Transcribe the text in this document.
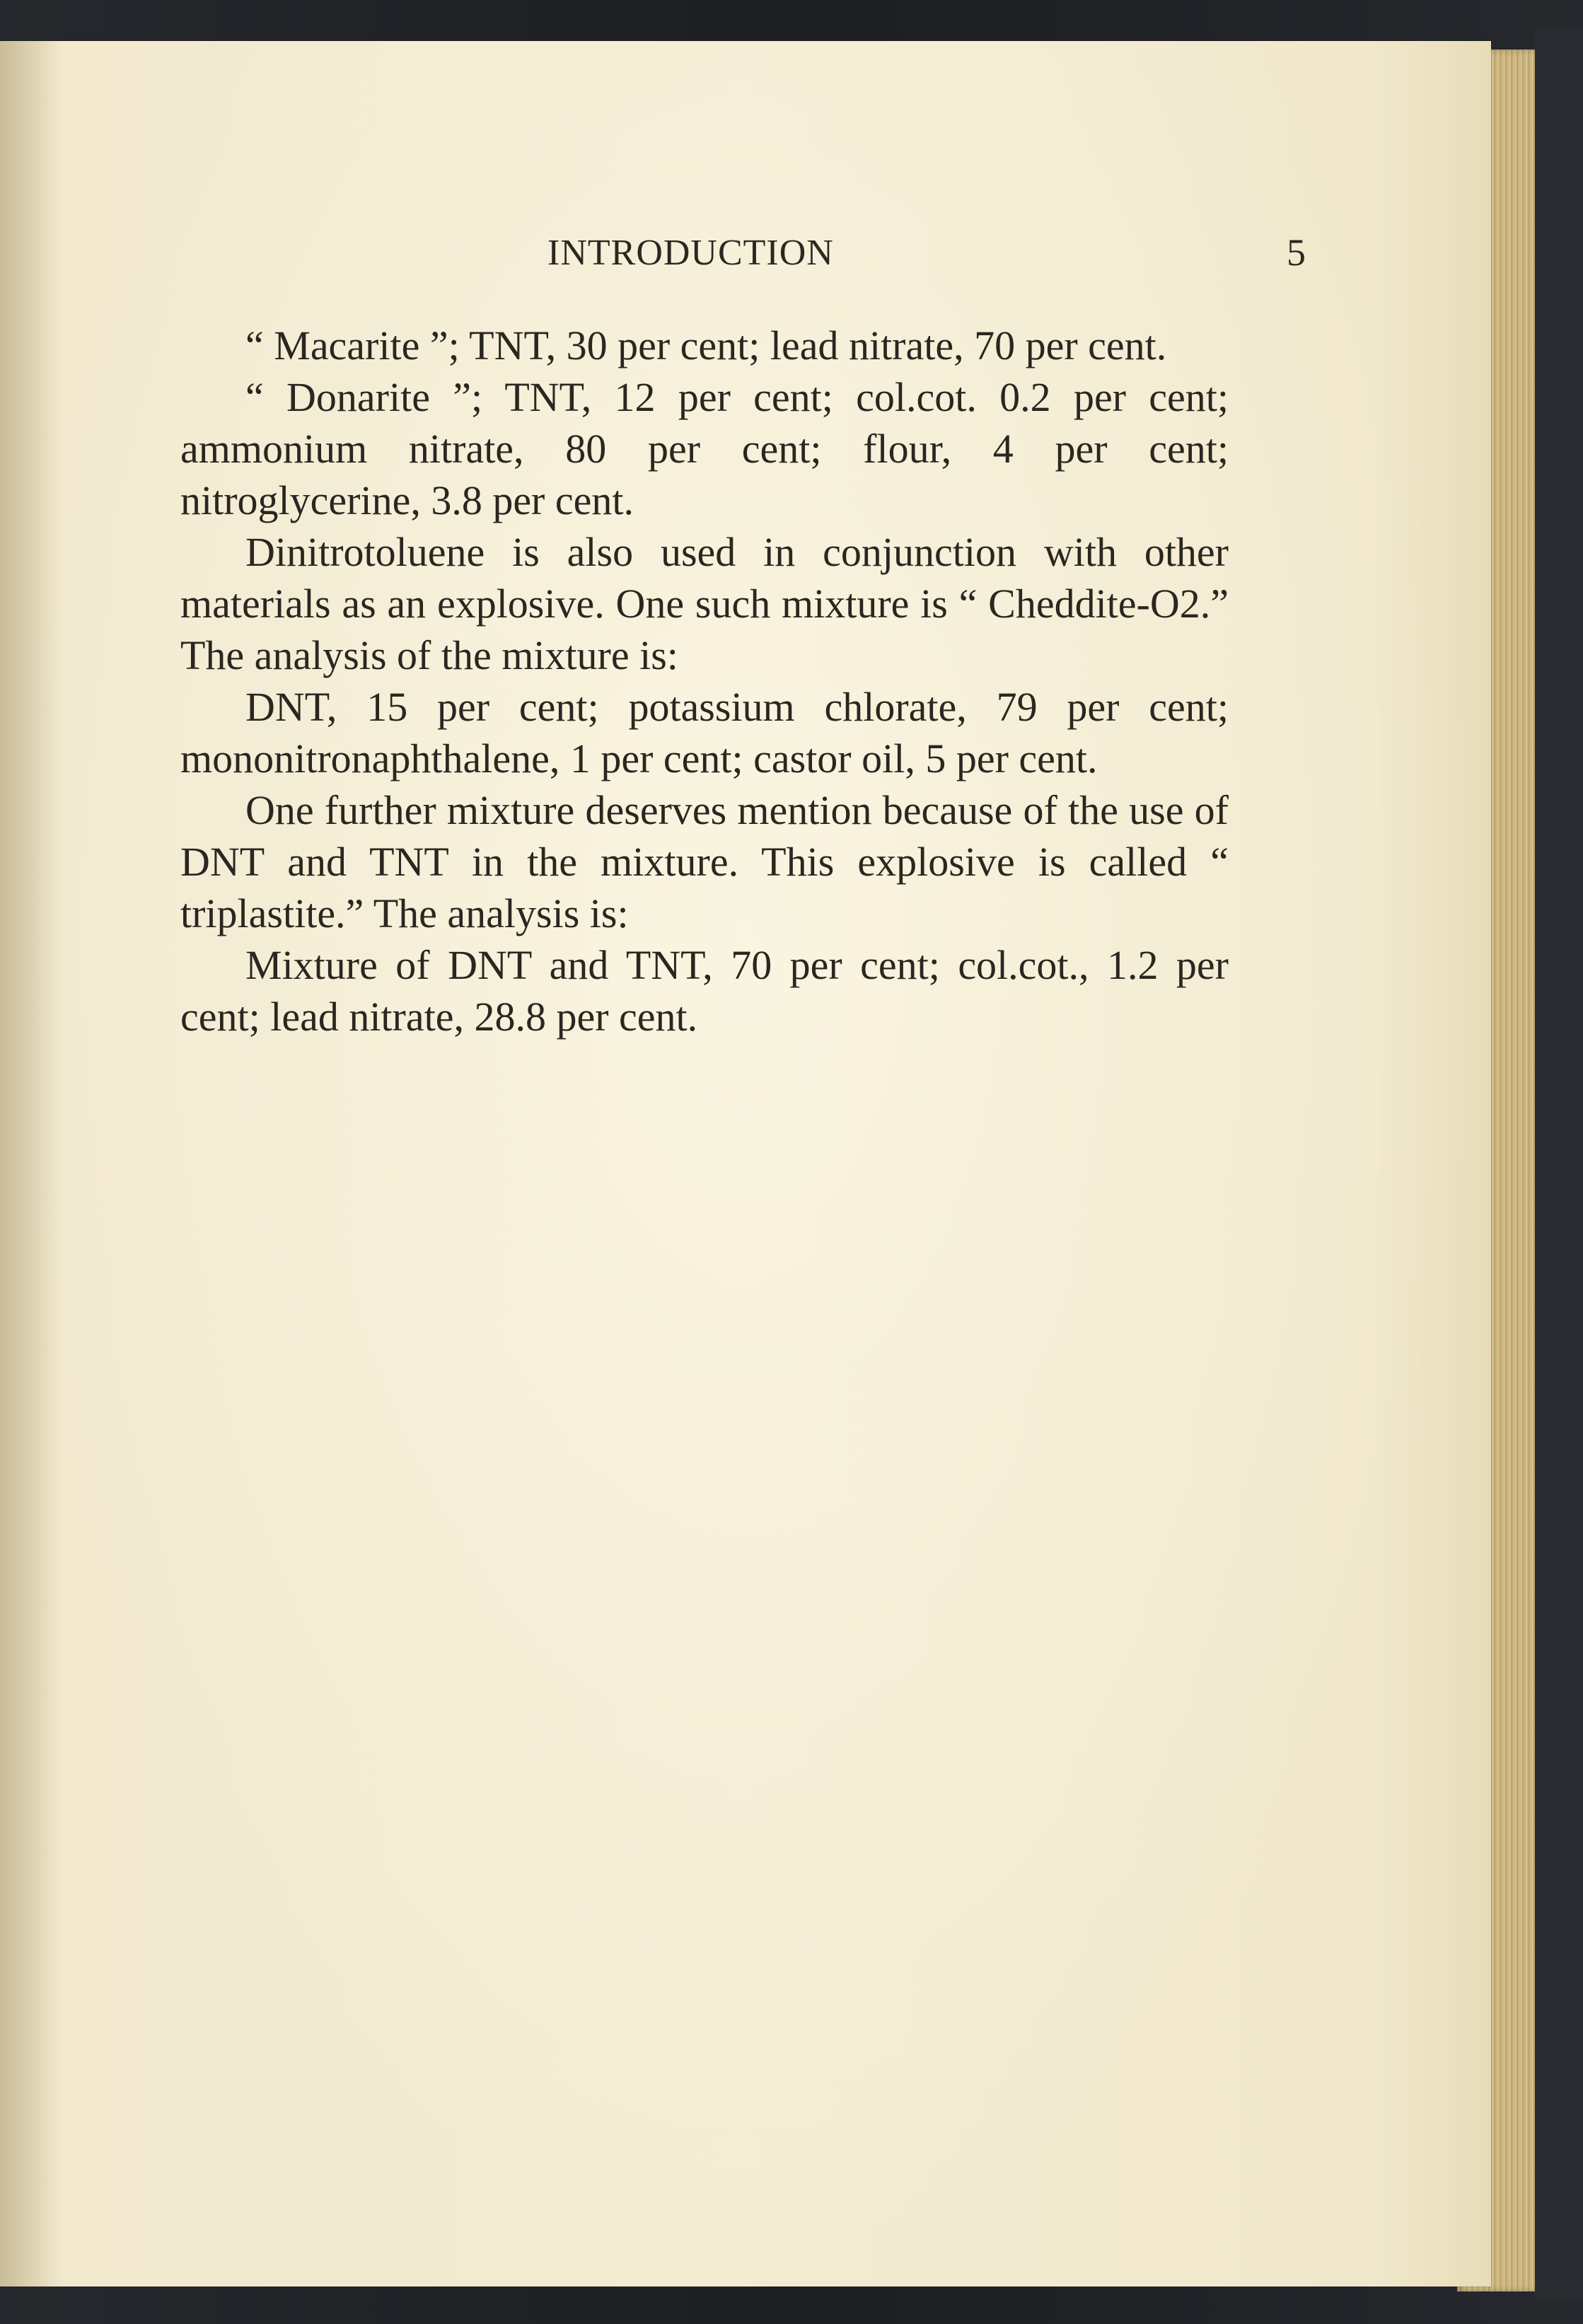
INTRODUCTION	5

“ Macarite ”; TNT, 30 per cent; lead nitrate, 70 per cent.

“ Donarite ”; TNT, 12 per cent; col.cot. 0.2 per cent; ammonium nitrate, 80 per cent; flour, 4 per cent; nitroglycerine, 3.8 per cent.

Dinitrotoluene is also used in conjunction with other materials as an explosive. One such mixture is “ Cheddite-O2.” The analysis of the mixture is:

DNT, 15 per cent; potassium chlorate, 79 per cent; mononitronaphthalene, 1 per cent; castor oil, 5 per cent.

One further mixture deserves mention because of the use of DNT and TNT in the mixture. This explosive is called “ triplastite.” The analysis is:

Mixture of DNT and TNT, 70 per cent; col.cot., 1.2 per cent; lead nitrate, 28.8 per cent.
